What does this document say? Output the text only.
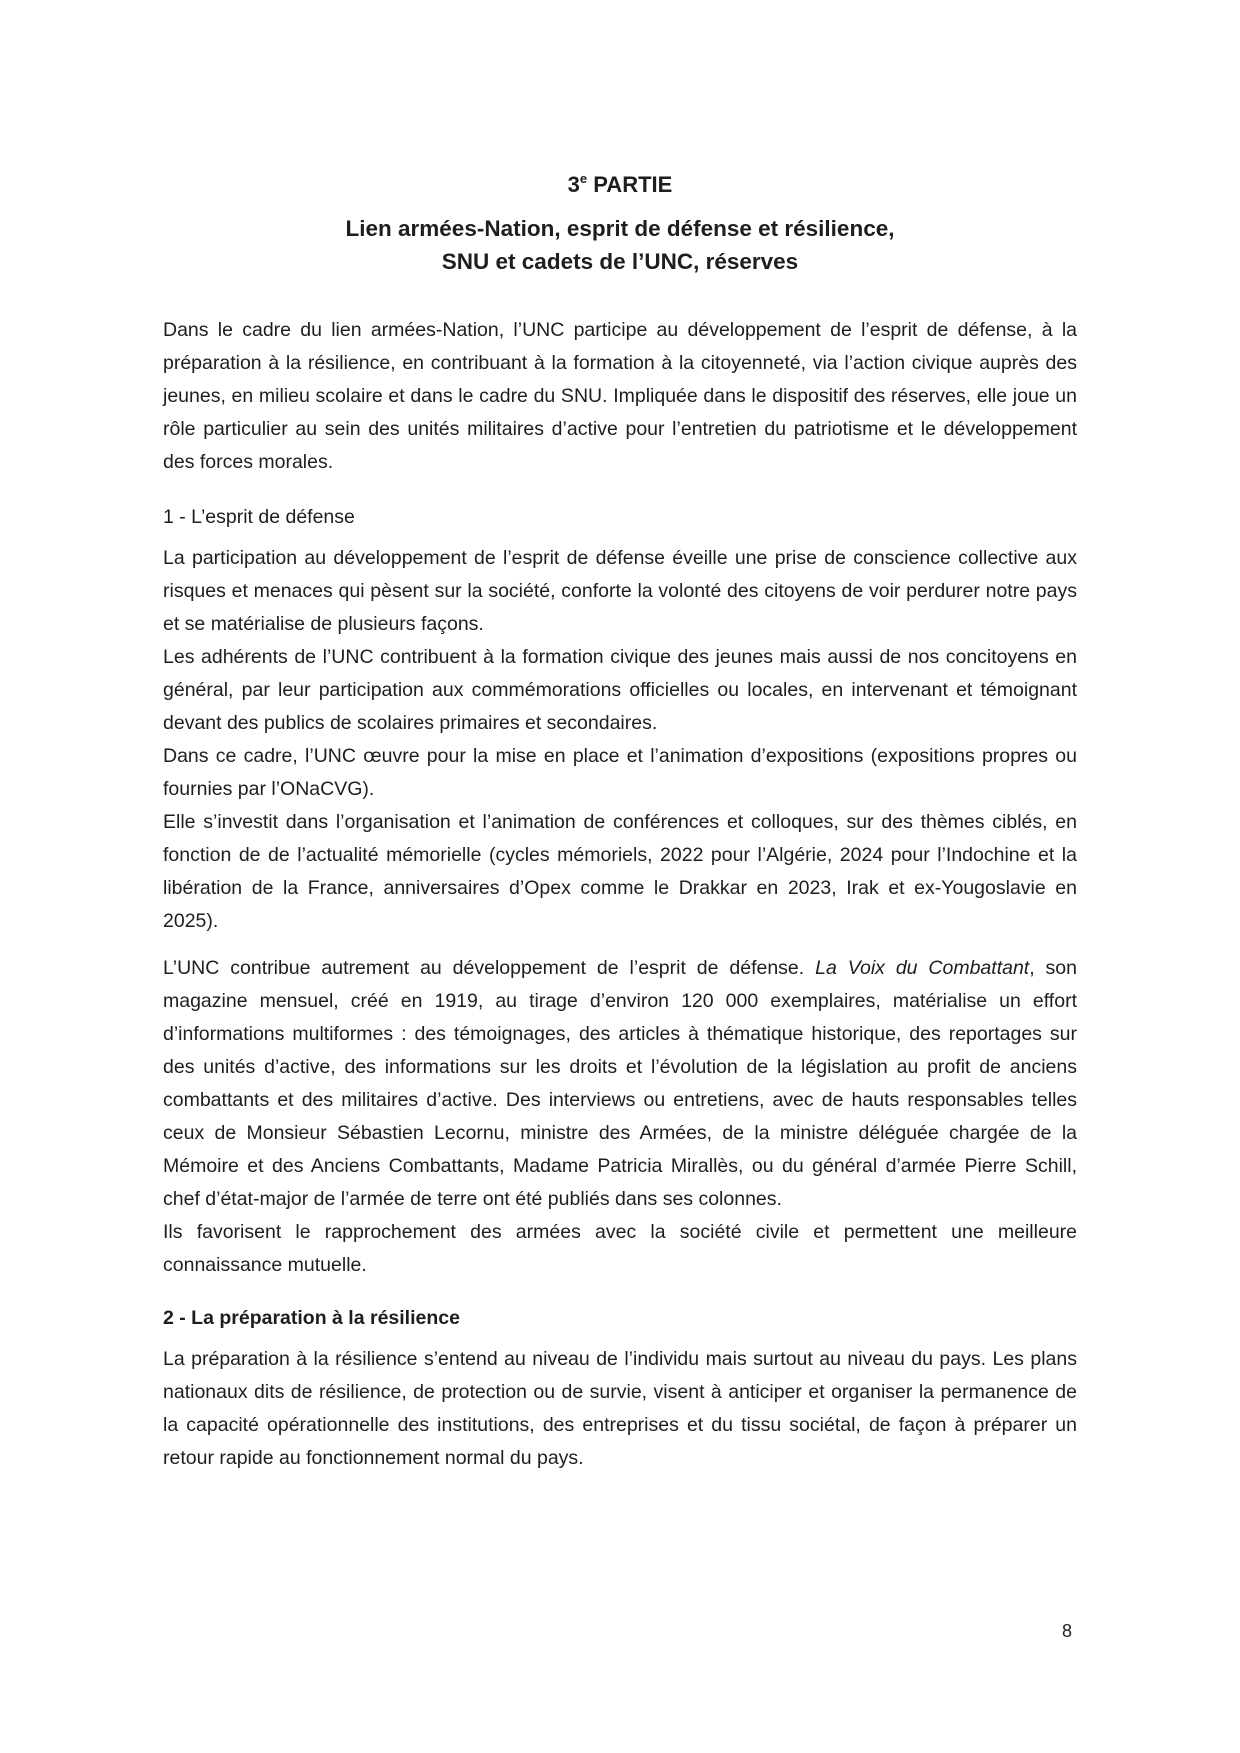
3e PARTIE
Lien armées-Nation, esprit de défense et résilience,
SNU et cadets de l’UNC, réserves

Dans le cadre du lien armées-Nation, l’UNC participe au développement de l’esprit de défense, à la préparation à la résilience, en contribuant à la formation à la citoyenneté, via l’action civique auprès des jeunes, en milieu scolaire et dans le cadre du SNU. Impliquée dans le dispositif des réserves, elle joue un rôle particulier au sein des unités militaires d’active pour l’entretien du patriotisme et le développement des forces morales.

1 - L’esprit de défense

La participation au développement de l’esprit de défense éveille une prise de conscience collective aux risques et menaces qui pèsent sur la société, conforte la volonté des citoyens de voir perdurer notre pays et se matérialise de plusieurs façons.

Les adhérents de l’UNC contribuent à la formation civique des jeunes mais aussi de nos concitoyens en général, par leur participation aux commémorations officielles ou locales, en intervenant et témoignant devant des publics de scolaires primaires et secondaires.

Dans ce cadre, l’UNC œuvre pour la mise en place et l’animation d’expositions (expositions propres ou fournies par l’ONaCVG).

Elle s’investit dans l’organisation et l’animation de conférences et colloques, sur des thèmes ciblés, en fonction de de l’actualité mémorielle (cycles mémoriels, 2022 pour l’Algérie, 2024 pour l’Indochine et la libération de la France, anniversaires d’Opex comme le Drakkar en 2023, Irak et ex-Yougoslavie en 2025).

L’UNC contribue autrement au développement de l’esprit de défense. La Voix du Combattant, son magazine mensuel, créé en 1919, au tirage d’environ 120 000 exemplaires, matérialise un effort d’informations multiformes : des témoignages, des articles à thématique historique, des reportages sur des unités d’active, des informations sur les droits et l’évolution de la législation au profit de anciens combattants et des militaires d’active. Des interviews ou entretiens, avec de hauts responsables telles ceux de Monsieur Sébastien Lecornu, ministre des Armées, de la ministre déléguée chargée de la Mémoire et des Anciens Combattants, Madame Patricia Mirallès, ou du général d’armée Pierre Schill, chef d’état-major de l’armée de terre ont été publiés dans ses colonnes.

Ils favorisent le rapprochement des armées avec la société civile et permettent une meilleure connaissance mutuelle.

2 - La préparation à la résilience

La préparation à la résilience s’entend au niveau de l’individu mais surtout au niveau du pays. Les plans nationaux dits de résilience, de protection ou de survie, visent à anticiper et organiser la permanence de la capacité opérationnelle des institutions, des entreprises et du tissu sociétal, de façon à préparer un retour rapide au fonctionnement normal du pays.

8
